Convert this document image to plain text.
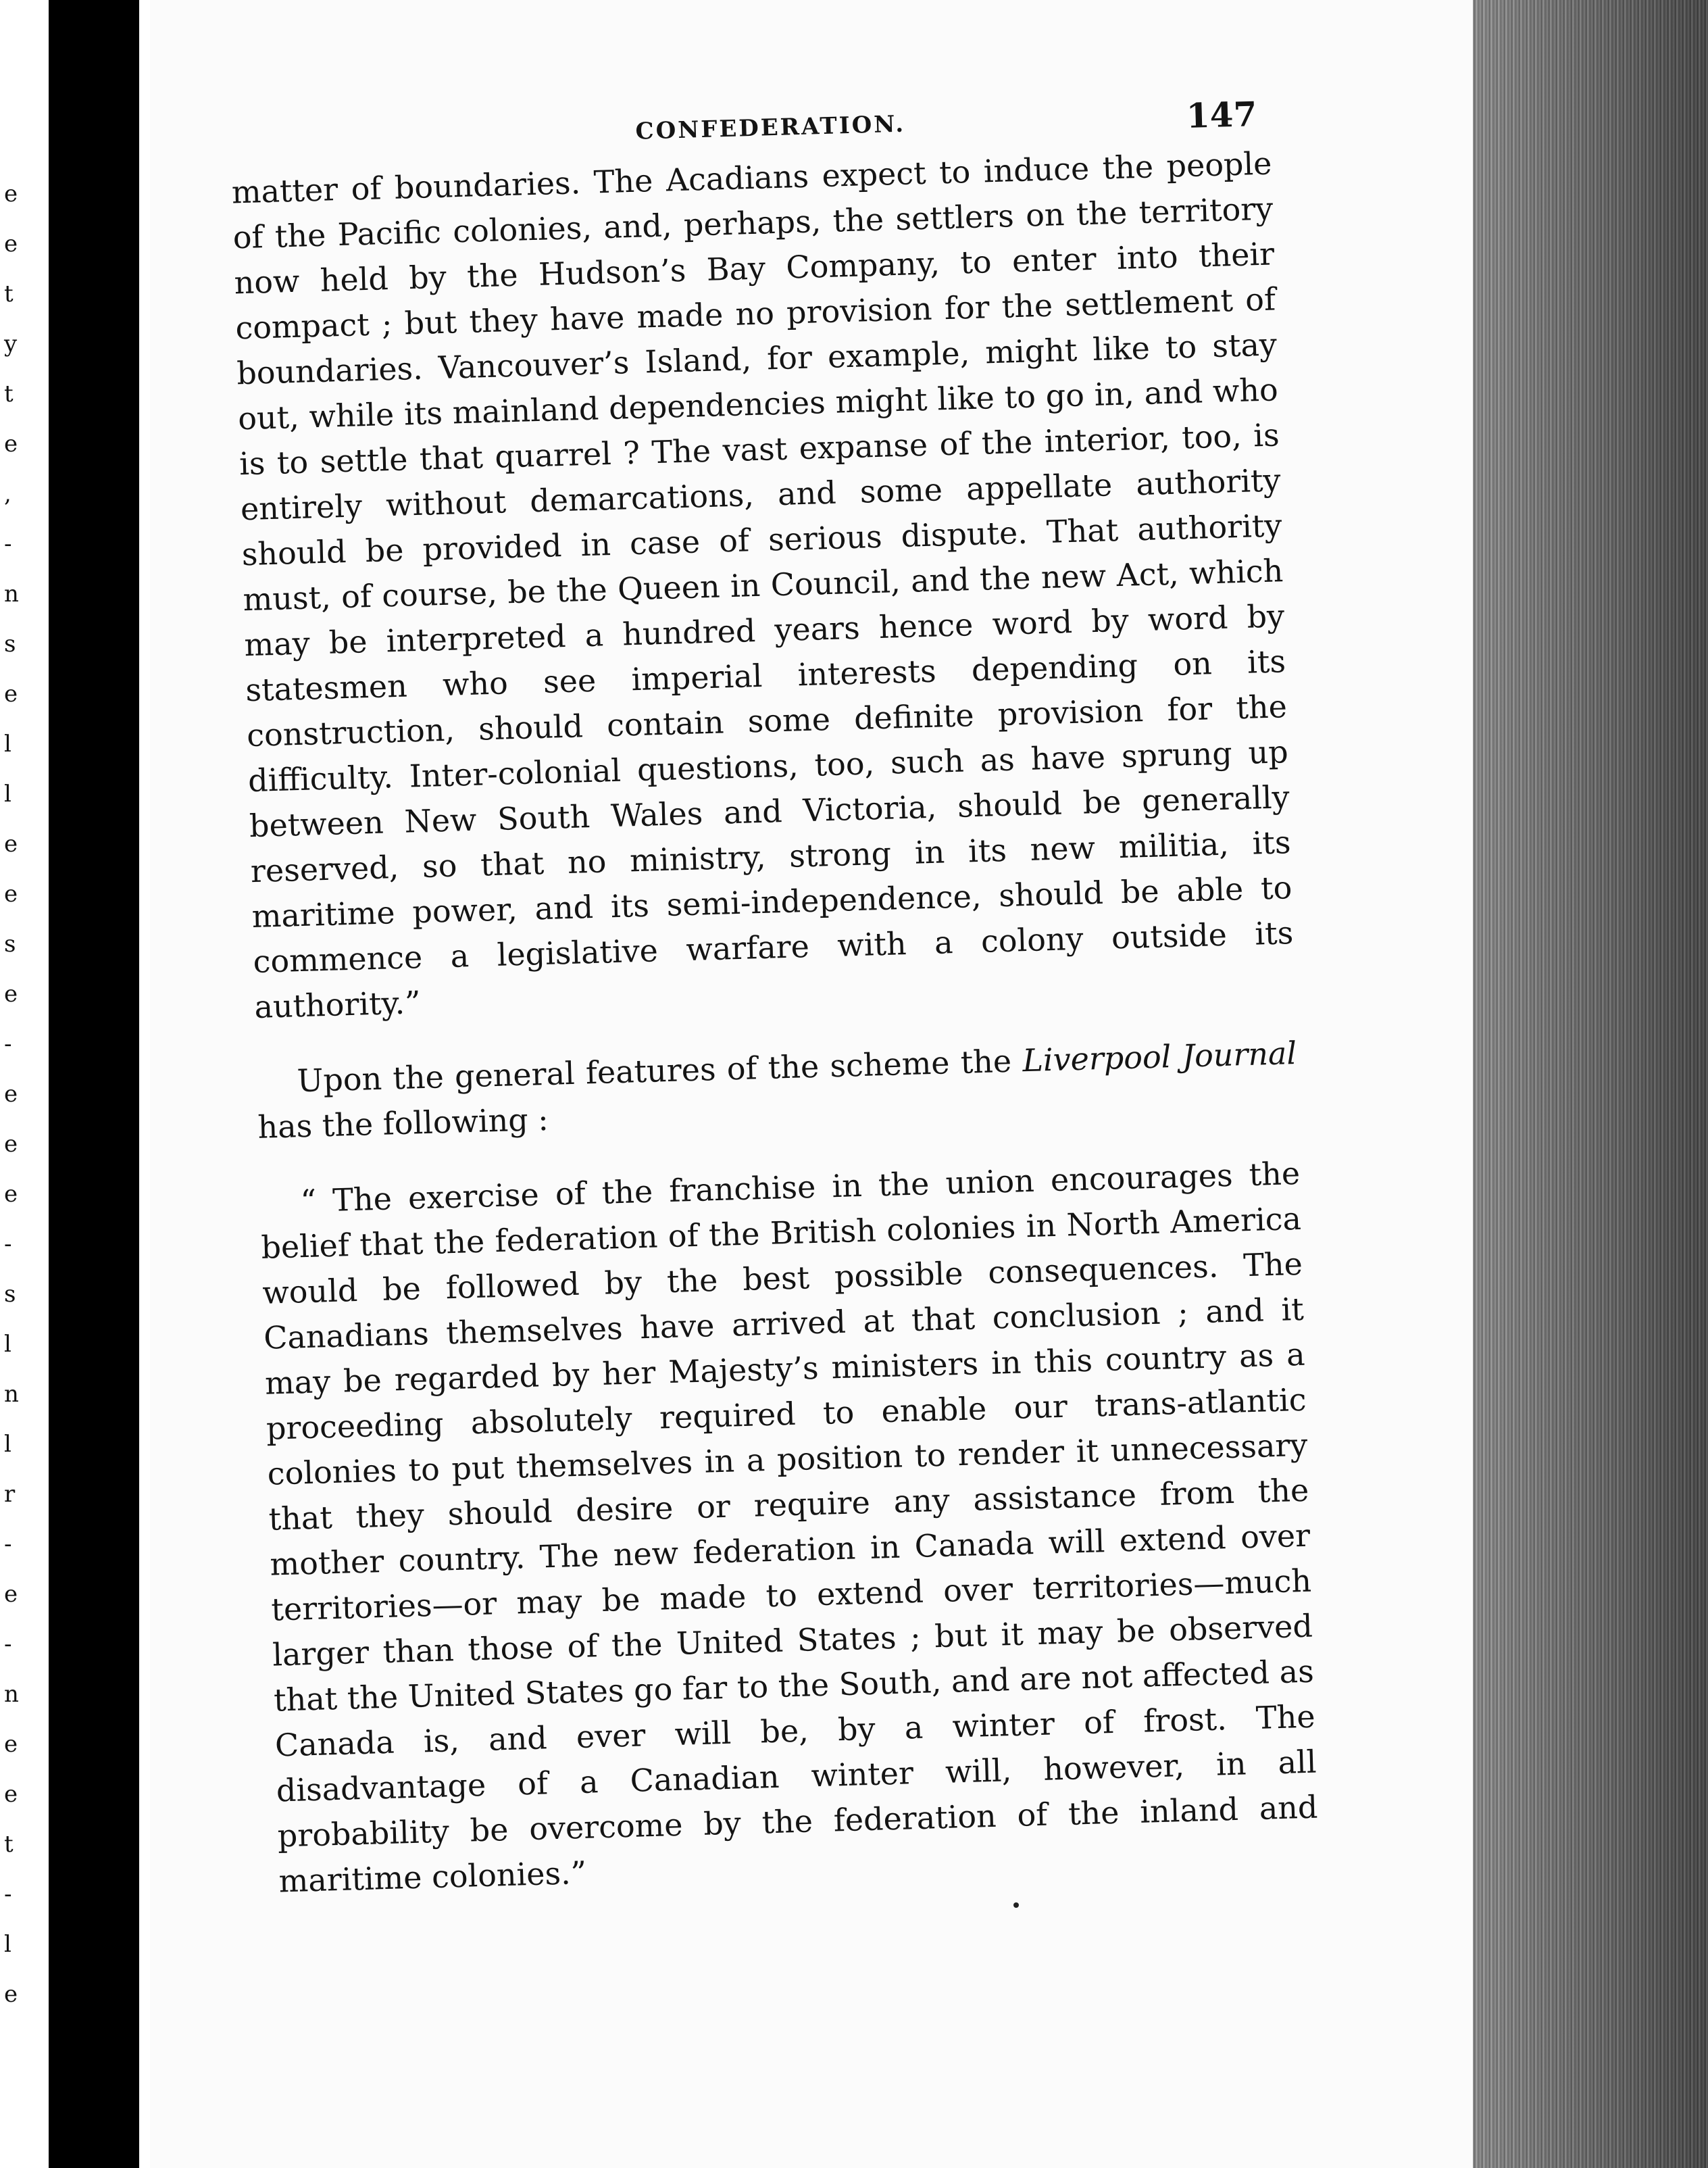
e
e
t
y
t
e
,
-
n
s
e
l
l
e
e
s
e
-
e
e
e
-
s
l
n
l
r
-
e
-
n
e
e
t
-
l
e
CONFEDERATION.	147

matter of boundaries. The Acadians expect to induce the people of the Pacific colonies, and, perhaps, the settlers on the territory now held by the Hudson’s Bay Company, to enter into their compact ; but they have made no provision for the settlement of boundaries. Vancouver’s Island, for example, might like to stay out, while its mainland dependencies might like to go in, and who is to settle that quarrel ? The vast expanse of the interior, too, is entirely without demarcations, and some appellate authority should be provided in case of serious dispute. That authority must, of course, be the Queen in Council, and the new Act, which may be interpreted a hundred years hence word by word by statesmen who see imperial interests depending on its construction, should contain some definite provision for the difficulty. Inter-colonial questions, too, such as have sprung up between New South Wales and Victoria, should be generally reserved, so that no ministry, strong in its new militia, its maritime power, and its semi-independence, should be able to commence a legislative warfare with a colony outside its authority.”

Upon the general features of the scheme the Liverpool Journal has the following :

“ The exercise of the franchise in the union encourages the belief that the federation of the British colonies in North America would be followed by the best possible consequences. The Canadians themselves have arrived at that conclusion ; and it may be regarded by her Majesty’s ministers in this country as a proceeding absolutely required to enable our trans-atlantic colonies to put themselves in a position to render it unnecessary that they should desire or require any assistance from the mother country. The new federation in Canada will extend over territories—or may be made to extend over territories—much larger than those of the United States ; but it may be observed that the United States go far to the South, and are not affected as Canada is, and ever will be, by a winter of frost. The disadvantage of a Canadian winter will, however, in all probability be overcome by the federation of the inland and maritime colonies.”
